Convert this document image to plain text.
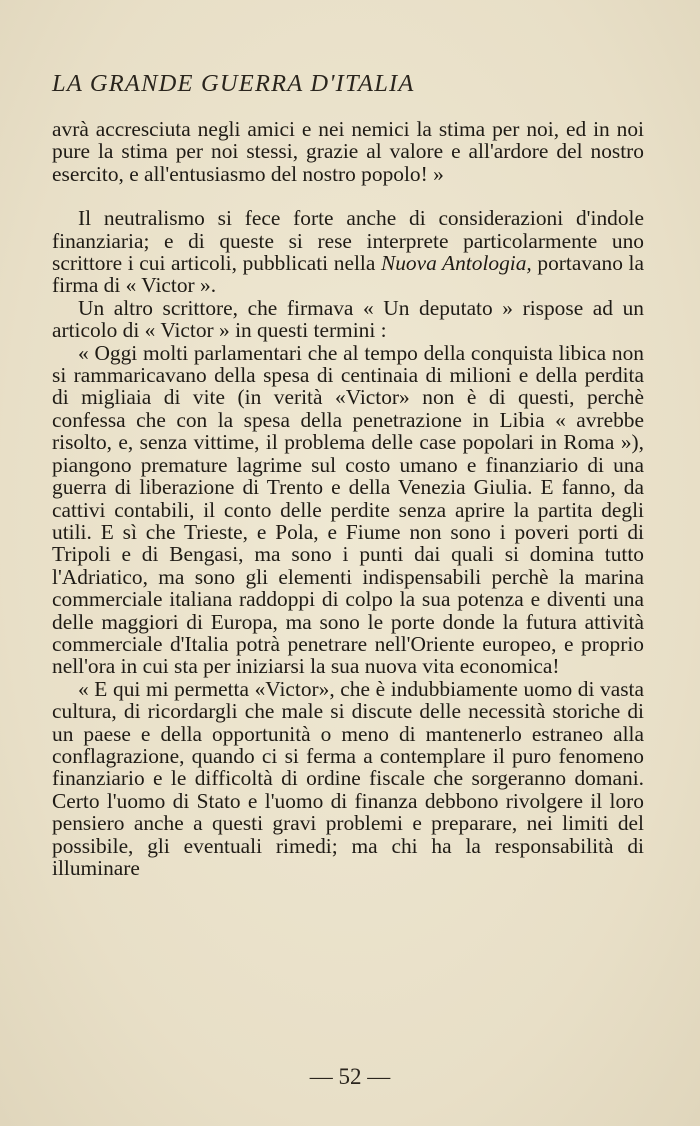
LA GRANDE GUERRA D'ITALIA

avrà accresciuta negli amici e nei nemici la stima per noi, ed in noi pure la stima per noi stessi, grazie al valore e all'ardore del nostro esercito, e all'entusiasmo del nostro popolo! »

Il neutralismo si fece forte anche di considerazioni d'indole finanziaria; e di queste si rese interprete particolarmente uno scrittore i cui articoli, pubblicati nella Nuova Antologia, portavano la firma di « Victor ».

Un altro scrittore, che firmava « Un deputato » rispose ad un articolo di « Victor » in questi termini :

« Oggi molti parlamentari che al tempo della conquista libica non si rammaricavano della spesa di centinaia di milioni e della perdita di migliaia di vite (in verità «Victor» non è di questi, perchè confessa che con la spesa della penetrazione in Libia « avrebbe risolto, e, senza vittime, il problema delle case popolari in Roma »), piangono premature lagrime sul costo umano e finanziario di una guerra di liberazione di Trento e della Venezia Giulia. E fanno, da cattivi contabili, il conto delle perdite senza aprire la partita degli utili. E sì che Trieste, e Pola, e Fiume non sono i poveri porti di Tripoli e di Bengasi, ma sono i punti dai quali si domina tutto l'Adriatico, ma sono gli elementi indispensabili perchè la marina commerciale italiana raddoppi di colpo la sua potenza e diventi una delle maggiori di Europa, ma sono le porte donde la futura attività commerciale d'Italia potrà penetrare nell'Oriente europeo, e proprio nell'ora in cui sta per iniziarsi la sua nuova vita economica!

« E qui mi permetta «Victor», che è indubbiamente uomo di vasta cultura, di ricordargli che male si discute delle necessità storiche di un paese e della opportunità o meno di mantenerlo estraneo alla conflagrazione, quando ci si ferma a contemplare il puro fenomeno finanziario e le difficoltà di ordine fiscale che sorgeranno domani. Certo l'uomo di Stato e l'uomo di finanza debbono rivolgere il loro pensiero anche a questi gravi problemi e preparare, nei limiti del possibile, gli eventuali rimedi; ma chi ha la responsabilità di illuminare

— 52 —
